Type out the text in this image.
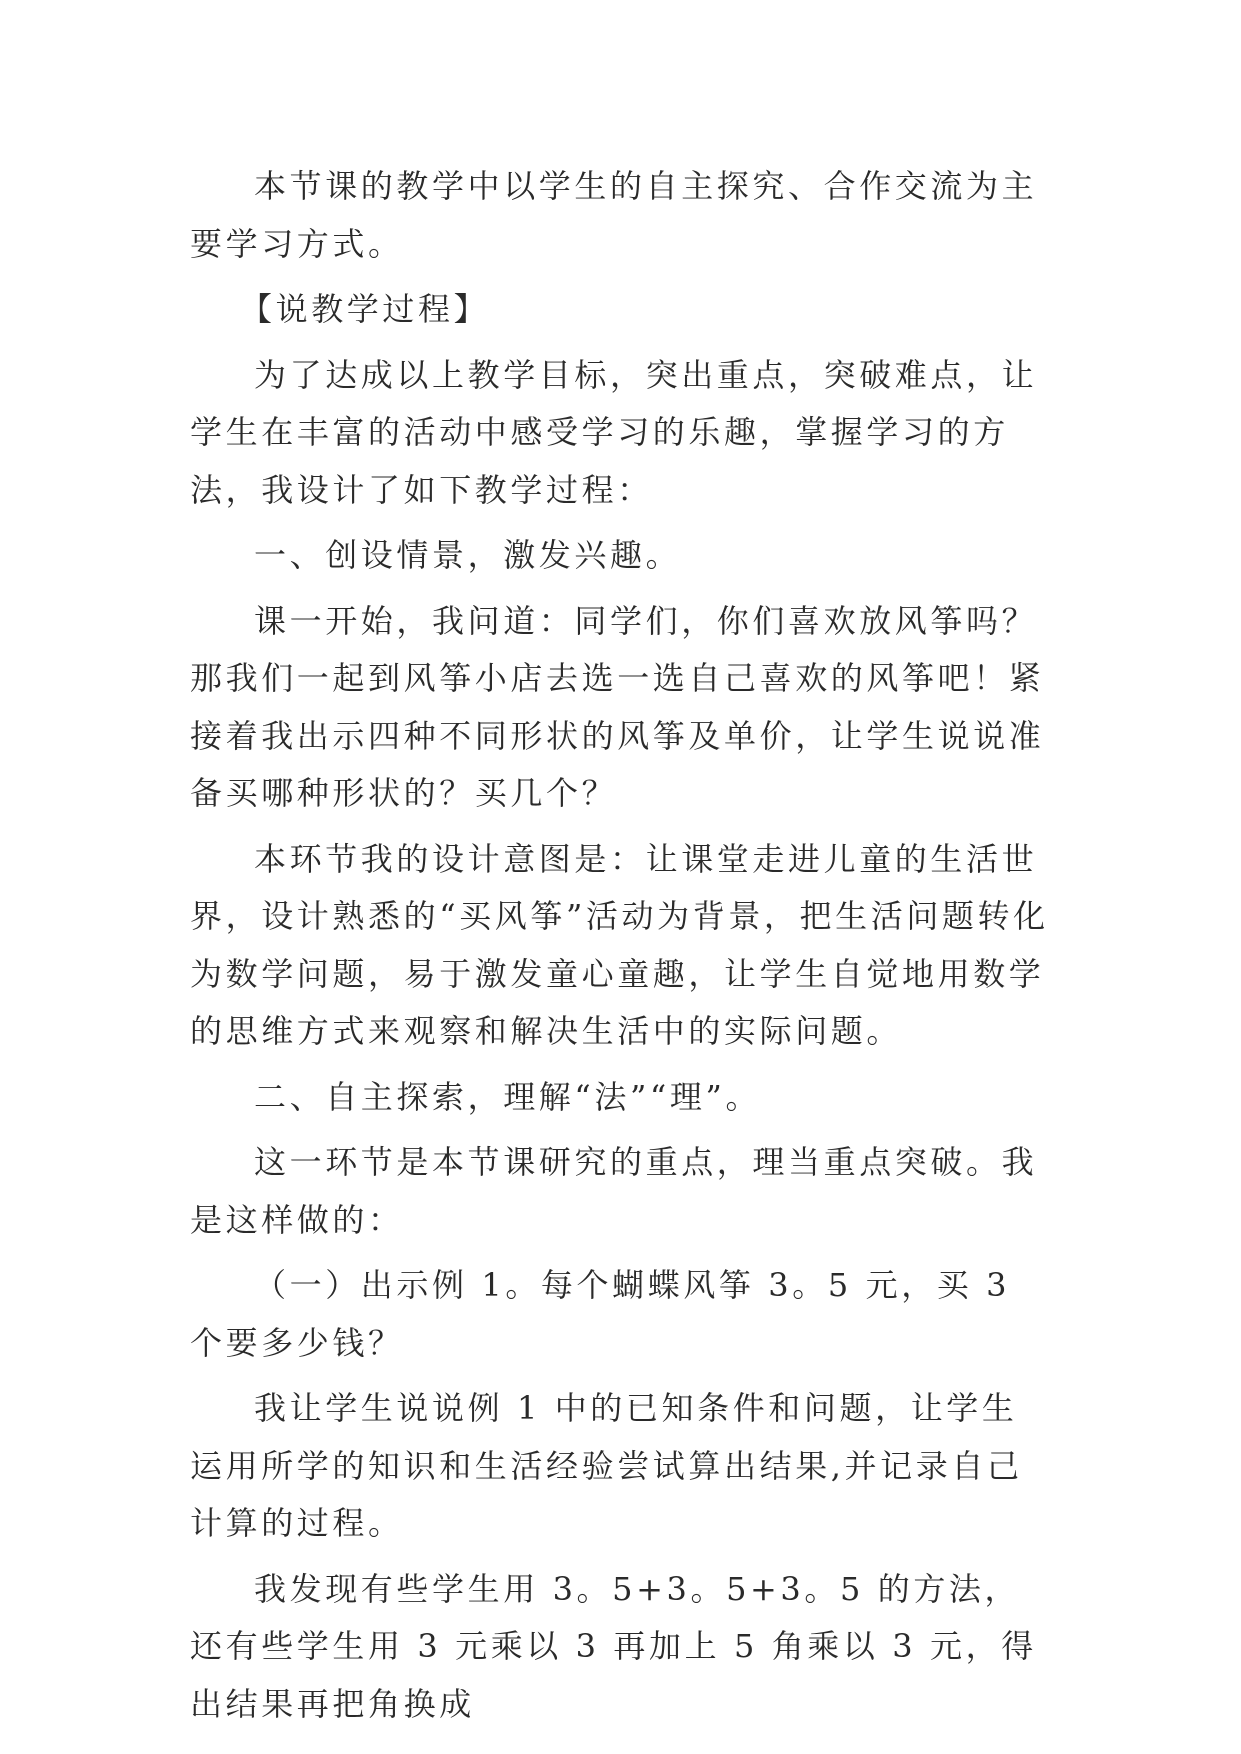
本节课的教学中以学生的自主探究、合作交流为主要学习方式。

【说教学过程】

为了达成以上教学目标，突出重点，突破难点，让学生在丰富的活动中感受学习的乐趣，掌握学习的方法，我设计了如下教学过程：

一、创设情景，激发兴趣。

课一开始，我问道：同学们，你们喜欢放风筝吗？那我们一起到风筝小店去选一选自己喜欢的风筝吧！紧接着我出示四种不同形状的风筝及单价，让学生说说准备买哪种形状的？买几个？

本环节我的设计意图是：让课堂走进儿童的生活世界，设计熟悉的“买风筝”活动为背景，把生活问题转化为数学问题，易于激发童心童趣，让学生自觉地用数学的思维方式来观察和解决生活中的实际问题。

二、自主探索，理解“法”“理”。

这一环节是本节课研究的重点，理当重点突破。我是这样做的：

（一）出示例 1。每个蝴蝶风筝 3。5 元，买 3 个要多少钱？

我让学生说说例 1 中的已知条件和问题，让学生运用所学的知识和生活经验尝试算出结果,并记录自己计算的过程。

我发现有些学生用 3。5+3。5+3。5 的方法，还有些学生用 3 元乘以 3 再加上 5 角乘以 3 元，得出结果再把角换成
